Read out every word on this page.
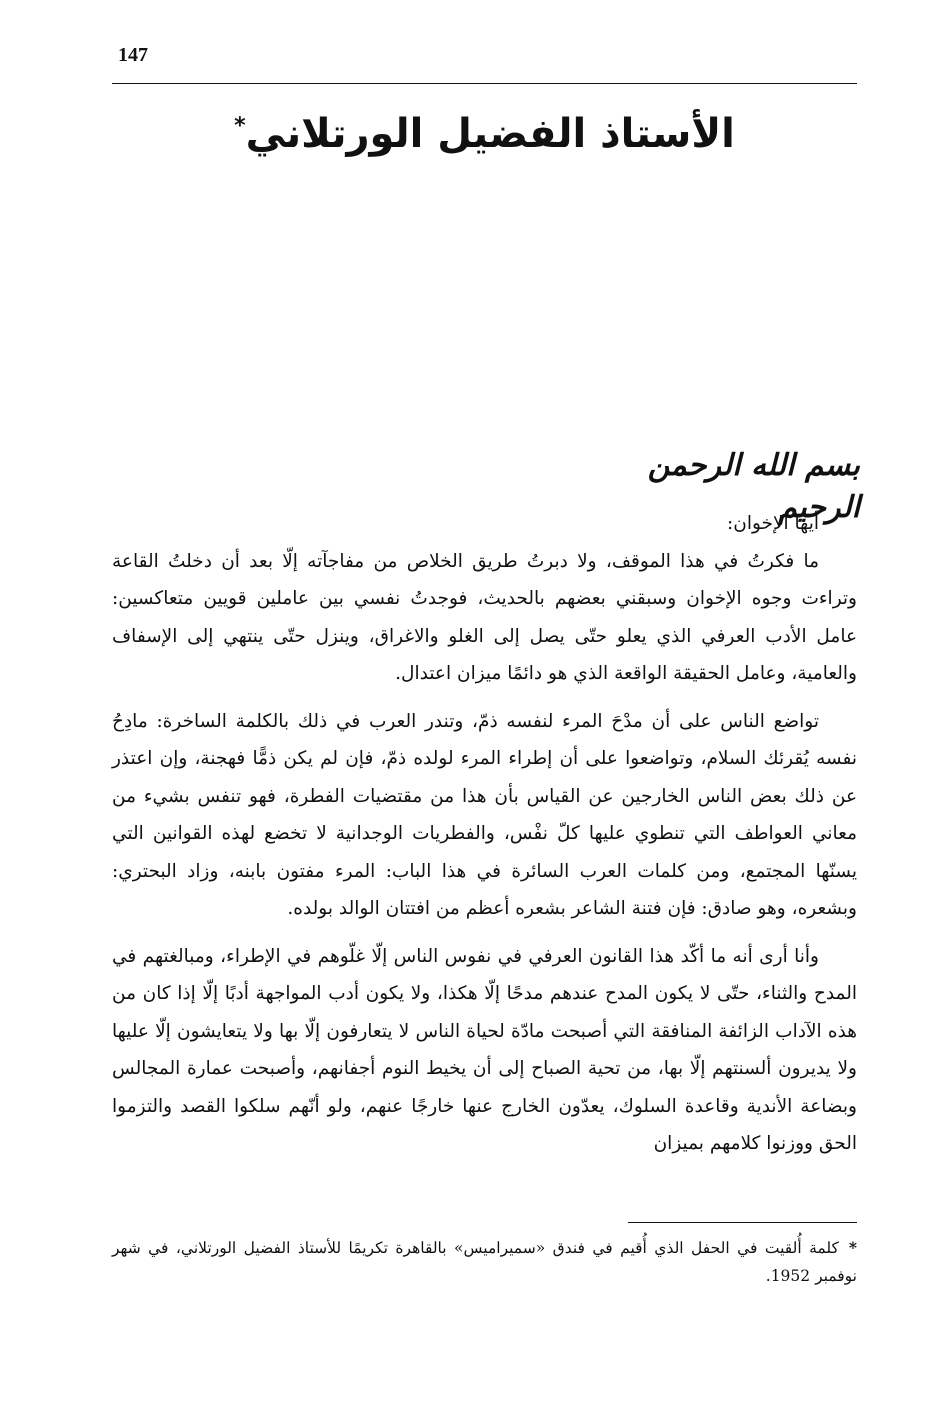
147
الأستاذ الفضيل الورتلاني*
بسم الله الرحمن الرحيم

أيها الإخوان:

ما فكرتُ في هذا الموقف، ولا دبرتُ طريق الخلاص من مفاجآته إلّا بعد أن دخلتُ القاعة وتراءت وجوه الإخوان وسبقني بعضهم بالحديث، فوجدتُ نفسي بين عاملين قويين متعاكسين: عامل الأدب العرفي الذي يعلو حتّى يصل إلى الغلو والاغراق، وينزل حتّى ينتهي إلى الإسفاف والعامية، وعامل الحقيقة الواقعة الذي هو دائمًا ميزان اعتدال.

تواضع الناس على أن مدْحَ المرء لنفسه ذمّ، وتندر العرب في ذلك بالكلمة الساخرة: مادِحُ نفسه يُقرئك السلام، وتواضعوا على أن إطراء المرء لولده ذمّ، فإن لم يكن ذمًّا فهجنة، وإن اعتذر عن ذلك بعض الناس الخارجين عن القياس بأن هذا من مقتضيات الفطرة، فهو تنفس بشيء من معاني العواطف التي تنطوي عليها كلّ نفْس، والفطريات الوجدانية لا تخضع لهذه القوانين التي يسنّها المجتمع، ومن كلمات العرب السائرة في هذا الباب: المرء مفتون بابنه، وزاد البحتري: وبشعره، وهو صادق: فإن فتنة الشاعر بشعره أعظم من افتتان الوالد بولده.

وأنا أرى أنه ما أكّد هذا القانون العرفي في نفوس الناس إلّا غلّوهم في الإطراء، ومبالغتهم في المدح والثناء، حتّى لا يكون المدح عندهم مدحًا إلّا هكذا، ولا يكون أدب المواجهة أدبًا إلّا إذا كان من هذه الآداب الزائفة المنافقة التي أصبحت مادّة لحياة الناس لا يتعارفون إلّا بها ولا يتعايشون إلّا عليها ولا يديرون ألسنتهم إلّا بها، من تحية الصباح إلى أن يخيط النوم أجفانهم، وأصبحت عمارة المجالس وبضاعة الأندية وقاعدة السلوك، يعدّون الخارج عنها خارجًا عنهم، ولو أنّهم سلكوا القصد والتزموا الحق ووزنوا كلامهم بميزان

*كلمة أُلقيت في الحفل الذي أُقيم في فندق «سميراميس» بالقاهرة تكريمًا للأستاذ الفضيل الورتلاني، في شهر نوفمبر 1952.
